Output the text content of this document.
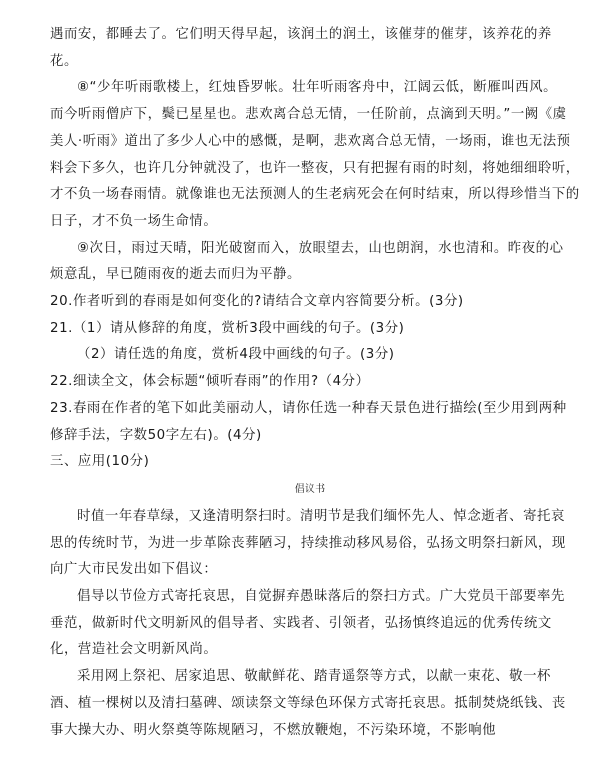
遇而安，都睡去了。它们明天得早起，该润土的润土，该催芽的催芽，该养花的养

花。

⑧“少年听雨歌楼上，红烛昏罗帐。壮年听雨客舟中，江阔云低，断雁叫西风。

而今听雨僧庐下，鬓已星星也。悲欢离合总无情，一任阶前，点滴到天明。”一阙《虞

美人·听雨》道出了多少人心中的感慨，是啊，悲欢离合总无情，一场雨，谁也无法预

料会下多久，也许几分钟就没了，也许一整夜，只有把握有雨的时刻，将她细细聆听，

才不负一场春雨情。就像谁也无法预测人的生老病死会在何时结束，所以得珍惜当下的

日子，才不负一场生命情。

⑨次日，雨过天晴，阳光破窗而入，放眼望去，山也朗润，水也清和。昨夜的心

烦意乱，早已随雨夜的逝去而归为平静。

20.作者听到的春雨是如何变化的?请结合文章内容简要分析。(3分)

21.（1）请从修辞的角度，赏析3段中画线的句子。(3分)

（2）请任选的角度，赏析4段中画线的句子。(3分)

22.细读全文，体会标题“倾听春雨”的作用?（4分）

23.春雨在作者的笔下如此美丽动人，请你任选一种春天景色进行描绘(至少用到两种

修辞手法，字数50字左右)。(4分)

三、应用(10分)

倡议书

时值一年春草绿，又逢清明祭扫时。清明节是我们缅怀先人、悼念逝者、寄托哀

思的传统时节，为进一步革除丧葬陋习，持续推动移风易俗，弘扬文明祭扫新风，现

向广大市民发出如下倡议：

倡导以节俭方式寄托哀思，自觉摒弃愚昧落后的祭扫方式。广大党员干部要率先

垂范，做新时代文明新风的倡导者、实践者、引领者，弘扬慎终追远的优秀传统文

化，营造社会文明新风尚。

采用网上祭祀、居家追思、敬献鲜花、踏青遥祭等方式，以献一束花、敬一杯

酒、植一棵树以及清扫墓碑、颂读祭文等绿色环保方式寄托哀思。抵制焚烧纸钱、丧

事大操大办、明火祭奠等陈规陋习，不燃放鞭炮，不污染环境，不影响他
